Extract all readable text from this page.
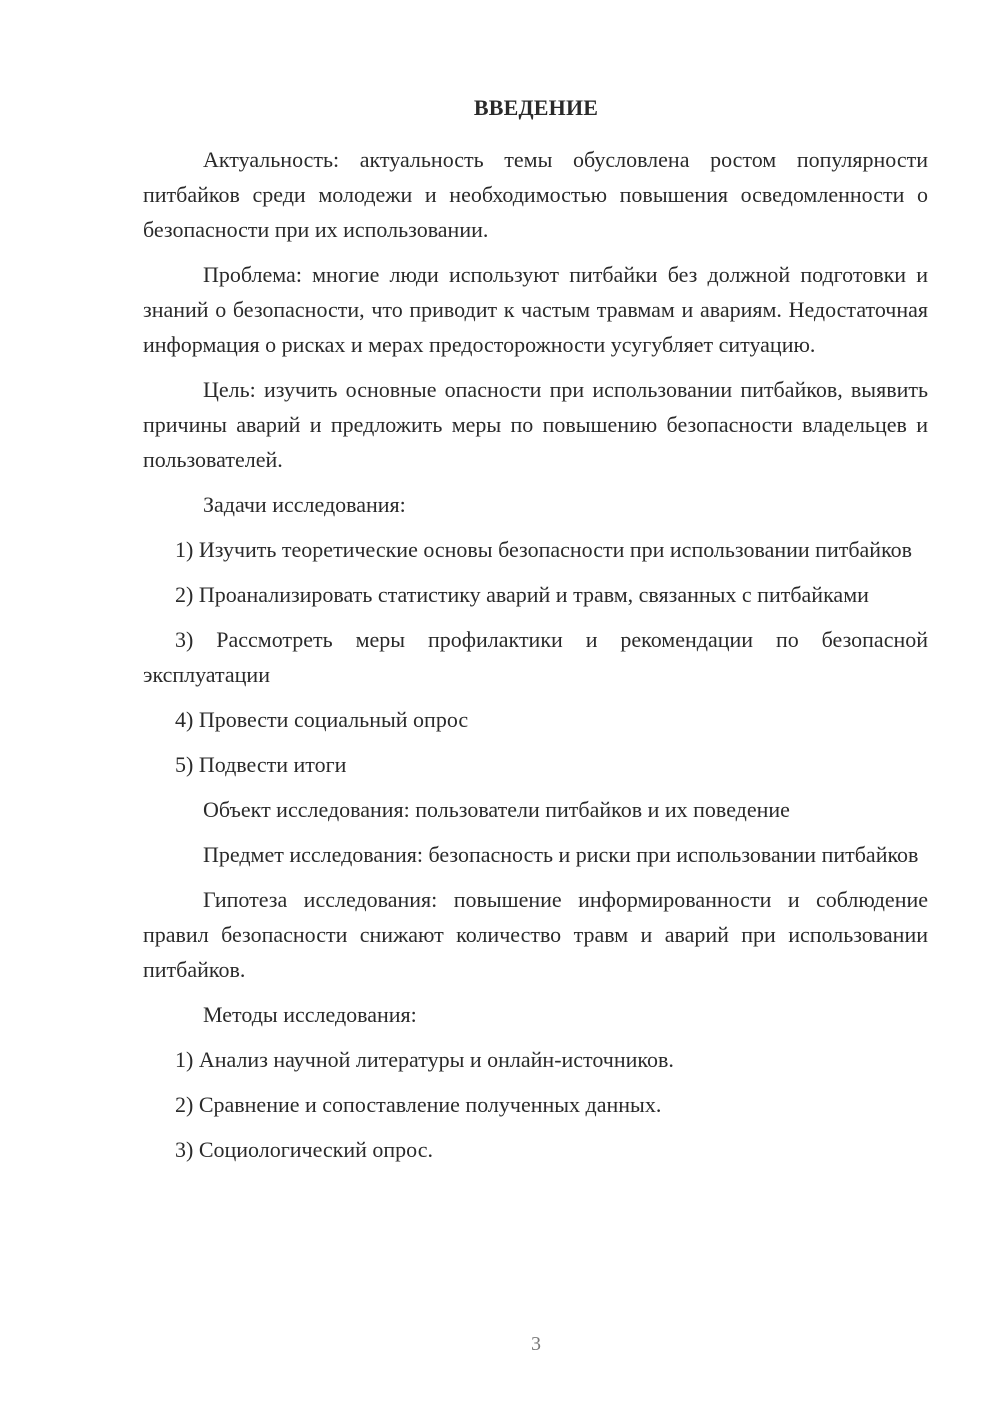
ВВЕДЕНИЕ

Актуальность: актуальность темы обусловлена ростом популярности питбайков среди молодежи и необходимостью повышения осведомленности о безопасности при их использовании.

Проблема: многие люди используют питбайки без должной подготовки и знаний о безопасности, что приводит к частым травмам и авариям. Недостаточная информация о рисках и мерах предосторожности усугубляет ситуацию.

Цель: изучить основные опасности при использовании питбайков, выявить причины аварий и предложить меры по повышению безопасности владельцев и пользователей.

Задачи исследования:

1) Изучить теоретические основы безопасности при использовании питбайков

2) Проанализировать статистику аварий и травм, связанных с питбайками

3) Рассмотреть меры профилактики и рекомендации по безопасной эксплуатации

4) Провести социальный опрос

5) Подвести итоги

Объект исследования: пользователи питбайков и их поведение

Предмет исследования: безопасность и риски при использовании питбайков

Гипотеза исследования: повышение информированности и соблюдение правил безопасности снижают количество травм и аварий при использовании питбайков.

Методы исследования:

1) Анализ научной литературы и онлайн-источников.

2) Сравнение и сопоставление полученных данных.

3) Социологический опрос.

3
